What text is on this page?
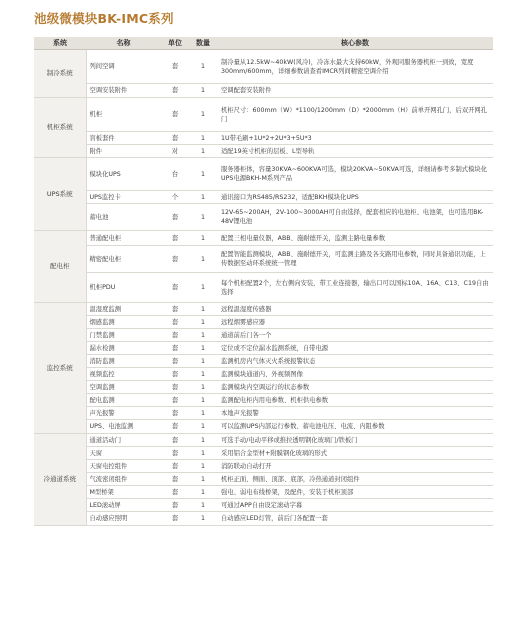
池级微模块BK-IMC系列
系统	名称	单位	数量	核心参数
制冷系统	列间空调	套	1	制冷量从12.5kW~40kW(风冷)，冷冻水最大支持60kW，外观同服务器机柜一到致，宽度300mm/600mm，详细参数请查看IMCR列间精密空调介绍
	空调安装附件	套	1	空调配套安装附件
机柜系统	机柜	套	1	机柜尺寸：600mm（W）*1100/1200mm（D）*2000mm（H）前单开网孔门，后双开网孔门
	盲板套件	套	1	1U带毛刷+1U*2+2U*3+5U*3
	附件	对	1	适配19英寸机柜的层板、L型导轨
UPS系统	模块化UPS	台	1	服务器柜体，容量30KVA~600KVA可选，模块20KVA~50KVA可选，详细请参考多制式模块化UPS电源BKH-M系列产品
	UPS监控卡	个	1	通讯接口为RS485/RS232，适配BKH模块化UPS
	蓄电池	套	1	12V-65~200AH，2V-100~3000AH可自由选择，配套相应的电池柜、电池架，也可选用BK-48V锂电池
配电柜	普通配电柜	套	1	配置三相电量仪器，ABB、施耐德开关，监测主路电量参数
	精密配电柜	套	1	配置智能监测模块，ABB、施耐德开关，可监测主路及各支路用电参数，同时具备通讯功能，上传数据至动环系统统一管理
	机柜PDU	套	1	每个机柜配置2个，左右侧向安装，带工业连接器，输出口可以国标10A、16A、C13、C19自由选择
监控系统	温湿度监测	套	1	远程温湿度传感器
	烟感监测	套	1	远程烟雾感应器
	门禁监测	套	1	通道前后门各一个
	漏水检测	套	1	定位或不定位漏水监测系统，自带电源
	消防监测	套	1	监测机房内气体灭火系统报警状态
	视频监控	套	1	监测模块通道内、外视频图像
	空调监测	套	1	监测模块内空调运行的状态参数
	配电监测	套	1	监测配电柜内用电参数、机柜供电参数
	声光报警	套	1	本地声光报警
	UPS、电池监测	套	1	可以监测UPS内部运行参数、蓄电池电压、电流、内阻参数
冷通道系统	通道活动门	套	1	可选手动/电动平移或推拉透明钢化玻璃门/铁板门
	天窗	套	1	采用铝合金型材+附膜钢化玻璃的形式
	天窗电控组件	套	1	消防联动自动打开
	气流密闭组件	套	1	机柜正面、侧面、顶部、底部，冷热通道封闭组件
	M型桥架	套	1	强电、弱电布线桥架，及配件，安装于机柜顶部
	LED滚动屏	套	1	可通过APP自由设定滚动字幕
	自动感应照明	套	1	自动感应LED灯管，前后门各配置一套
